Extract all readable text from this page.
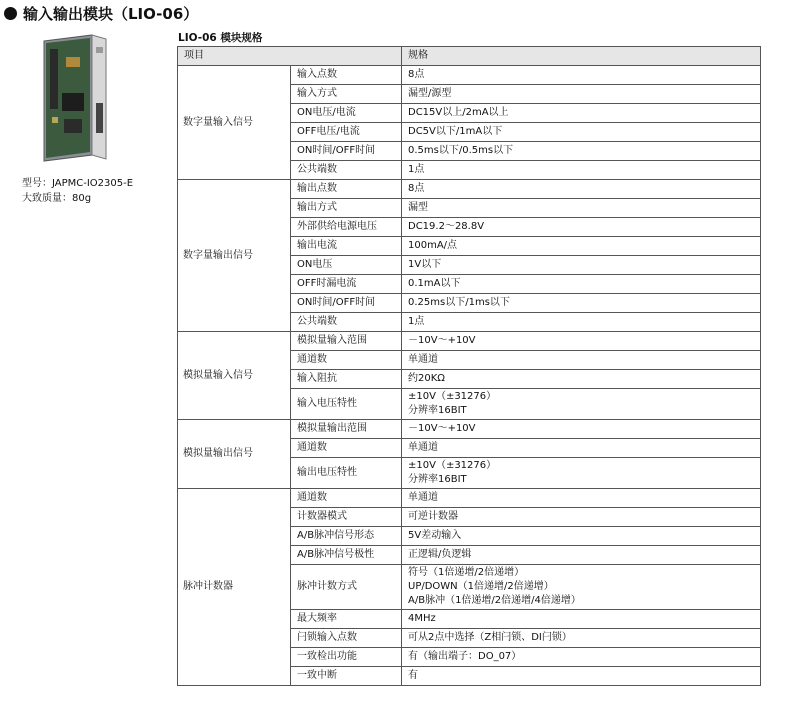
输入输出模块（LIO-06）
型号：JAPMC-IO2305-E
大致质量：80g
LIO-06 模块规格
项目		规格
数字量输入信号	输入点数	8点
	输入方式	漏型/源型
	ON电压/电流	DC15V以上/2mA以上
	OFF电压/电流	DC5V以下/1mA以下
	ON时间/OFF时间	0.5ms以下/0.5ms以下
	公共端数	1点
数字量输出信号	输出点数	8点
	输出方式	漏型
	外部供给电源电压	DC19.2～28.8V
	输出电流	100mA/点
	ON电压	1V以下
	OFF时漏电流	0.1mA以下
	ON时间/OFF时间	0.25ms以下/1ms以下
	公共端数	1点
模拟量输入信号	模拟量输入范围	－10V～+10V
	通道数	单通道
	输入阻抗	约20KΩ
	输入电压特性	±10V（±31276）
分辨率16BIT

模拟量输出信号	模拟量输出范围	－10V～+10V
	通道数	单通道
	输出电压特性	±10V（±31276）
分辨率16BIT

脉冲计数器	通道数	单通道
	计数器模式	可逆计数器
	A/B脉冲信号形态	5V差动输入
	A/B脉冲信号极性	正逻辑/负逻辑
	脉冲计数方式	符号（1倍递增/2倍递增）
UP/DOWN（1倍递增/2倍递增）
A/B脉冲（1倍递增/2倍递增/4倍递增）

	最大频率	4MHz
	闩锁输入点数	可从2点中选择（Z相闩锁、DI闩锁）
	一致检出功能	有（输出端子：DO_07）
	一致中断	有
